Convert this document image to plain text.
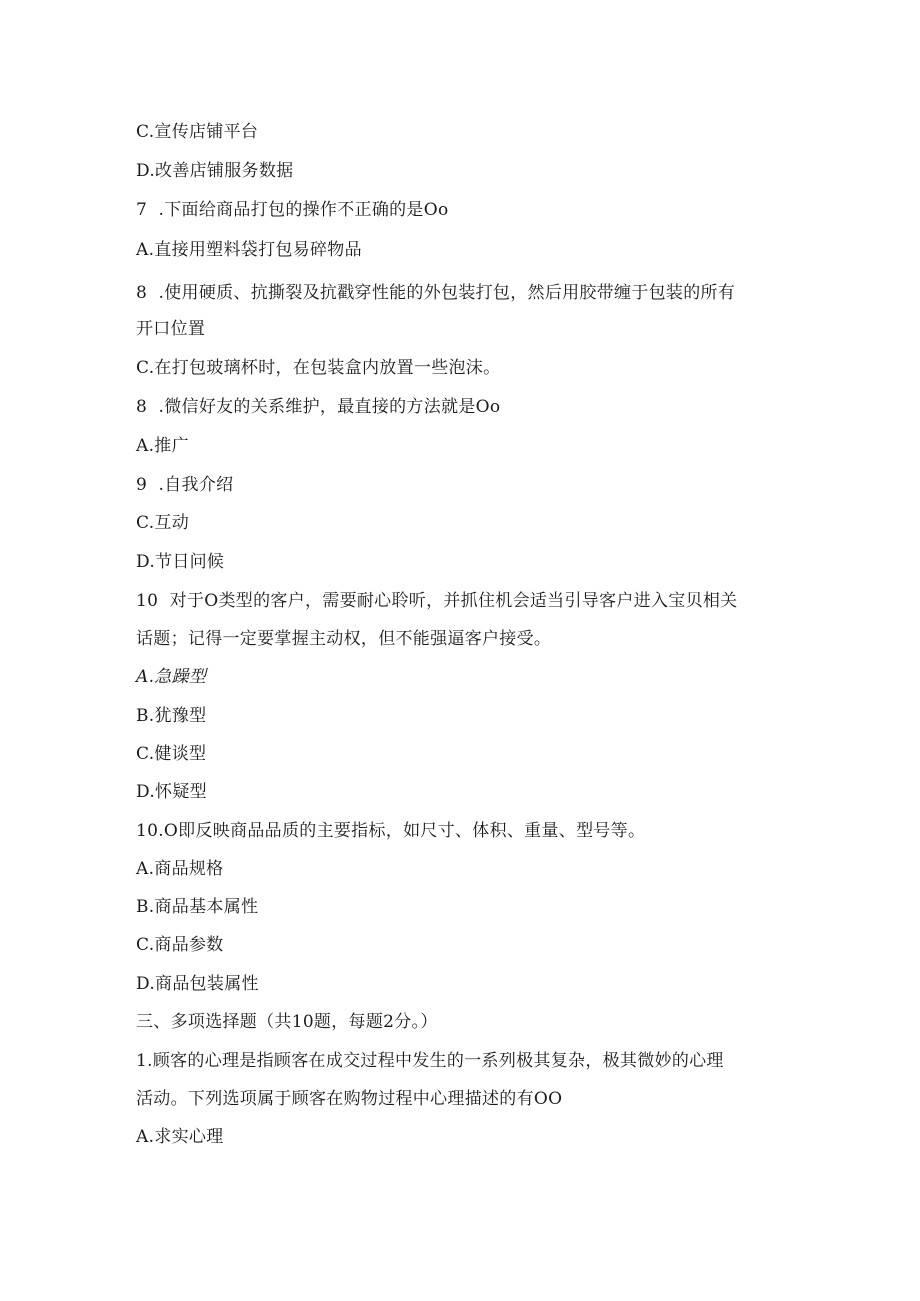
C.宣传店铺平台
D.改善店铺服务数据
7  .下面给商品打包的操作不正确的是Oo
A.直接用塑料袋打包易碎物品
8  .使用硬质、抗撕裂及抗戳穿性能的外包装打包，然后用胶带缠于包装的所有
开口位置
C.在打包玻璃杯时，在包装盒内放置一些泡沫。
8  .微信好友的关系维护，最直接的方法就是Oo
A.推广
9  .自我介绍
C.互动
D.节日问候
10  对于O类型的客户，需要耐心聆听，并抓住机会适当引导客户进入宝贝相关
话题；记得一定要掌握主动权，但不能强逼客户接受。
A.急躁型
B.犹豫型
C.健谈型
D.怀疑型
10.O即反映商品品质的主要指标，如尺寸、体积、重量、型号等。
A.商品规格
B.商品基本属性
C.商品参数
D.商品包装属性
三、多项选择题（共10题，每题2分。）
1.顾客的心理是指顾客在成交过程中发生的一系列极其复杂，极其微妙的心理
活动。下列选项属于顾客在购物过程中心理描述的有OO
A.求实心理
